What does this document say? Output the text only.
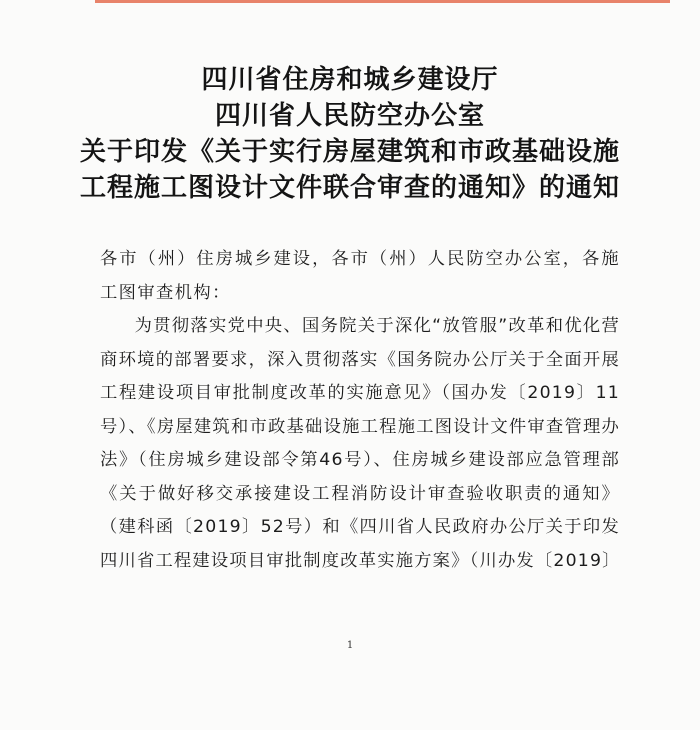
四川省住房和城乡建设厅
四川省人民防空办公室
关于印发《关于实行房屋建筑和市政基础设施
工程施工图设计文件联合审查的通知》的通知

各市（州）住房城乡建设，各市（州）人民防空办公室，各施工图审查机构：

为贯彻落实党中央、国务院关于深化“放管服”改革和优化营商环境的部署要求，深入贯彻落实《国务院办公厅关于全面开展工程建设项目审批制度改革的实施意见》（国办发〔2019〕11号）、《房屋建筑和市政基础设施工程施工图设计文件审查管理办法》（住房城乡建设部令第46号）、住房城乡建设部应急管理部《关于做好移交承接建设工程消防设计审查验收职责的通知》（建科函〔2019〕52号）和《四川省人民政府办公厅关于印发四川省工程建设项目审批制度改革实施方案》（川办发〔2019〕

1
